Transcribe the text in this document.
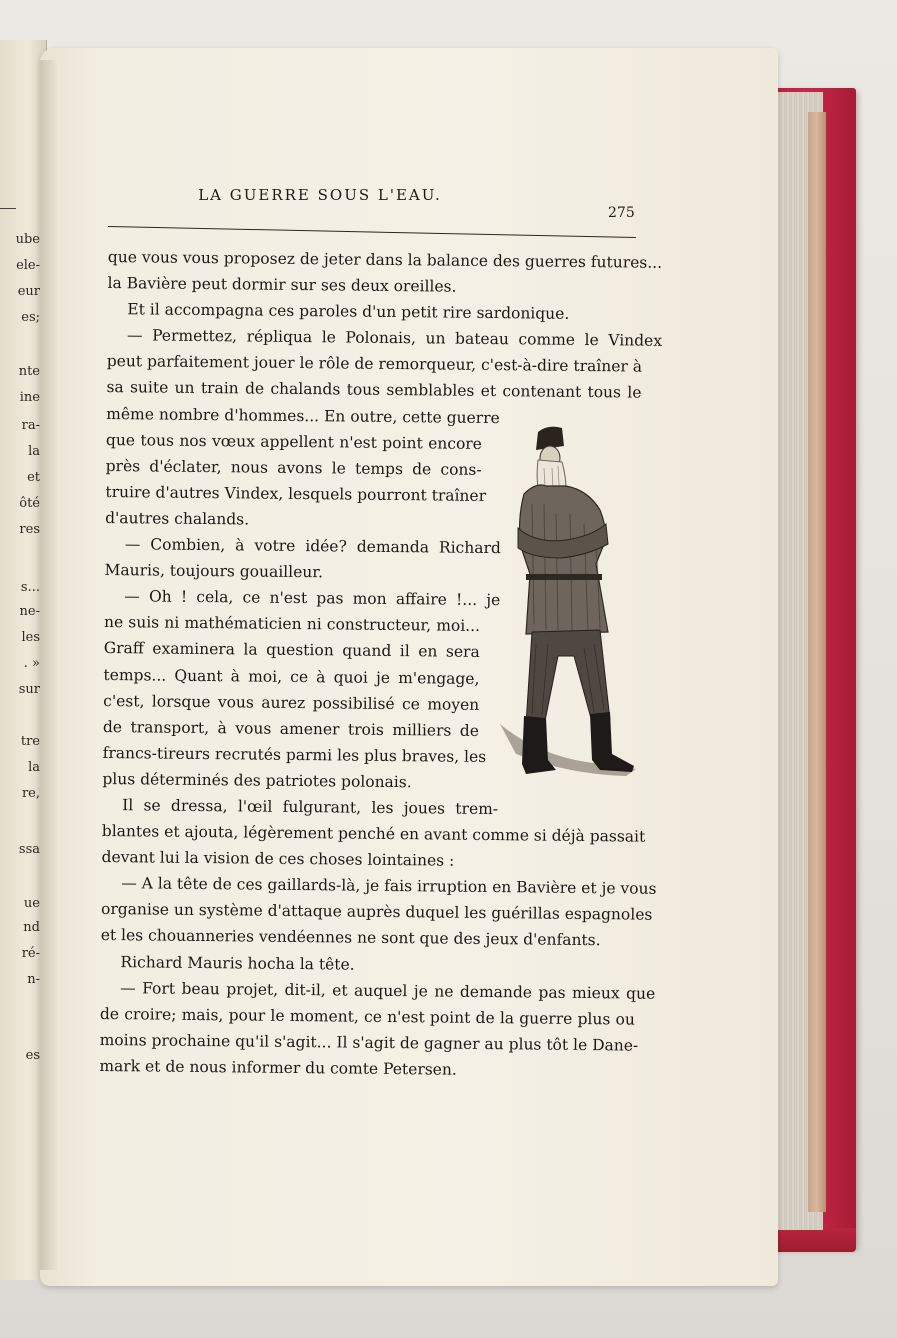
ube
ele-
eur
es;
nte
ine
ra-
la
et
ôté
res
s...
ne-
les
. »
sur
tre
la
re,
ssa
ue
nd
ré-
n-
es
LA GUERRE SOUS L'EAU.
275
que vous vous proposez de jeter dans la balance des guerres futures...
la Bavière peut dormir sur ses deux oreilles.
Et il accompagna ces paroles d'un petit rire sardonique.
— Permettez, répliqua le Polonais, un bateau comme le Vindex
peut parfaitement jouer le rôle de remorqueur, c'est-à-dire traîner à
sa suite un train de chalands tous semblables et contenant tous le
même nombre d'hommes... En outre, cette guerre
que tous nos vœux appellent n'est point encore
près d'éclater, nous avons le temps de cons-
truire d'autres Vindex, lesquels pourront traîner
d'autres chalands.
— Combien, à votre idée? demanda Richard
Mauris, toujours gouailleur.
— Oh ! cela, ce n'est pas mon affaire !... je
ne suis ni mathématicien ni constructeur, moi...
Graff examinera la question quand il en sera
temps... Quant à moi, ce à quoi je m'engage,
c'est, lorsque vous aurez possibilisé ce moyen
de transport, à vous amener trois milliers de
francs-tireurs recrutés parmi les plus braves, les
plus déterminés des patriotes polonais.
Il se dressa, l'œil fulgurant, les joues trem-
blantes et ajouta, légèrement penché en avant comme si déjà passait
devant lui la vision de ces choses lointaines :
— A la tête de ces gaillards-là, je fais irruption en Bavière et je vous
organise un système d'attaque auprès duquel les guérillas espagnoles
et les chouanneries vendéennes ne sont que des jeux d'enfants.
Richard Mauris hocha la tête.
— Fort beau projet, dit-il, et auquel je ne demande pas mieux que
de croire; mais, pour le moment, ce n'est point de la guerre plus ou
moins prochaine qu'il s'agit... Il s'agit de gagner au plus tôt le Dane-
mark et de nous informer du comte Petersen.
